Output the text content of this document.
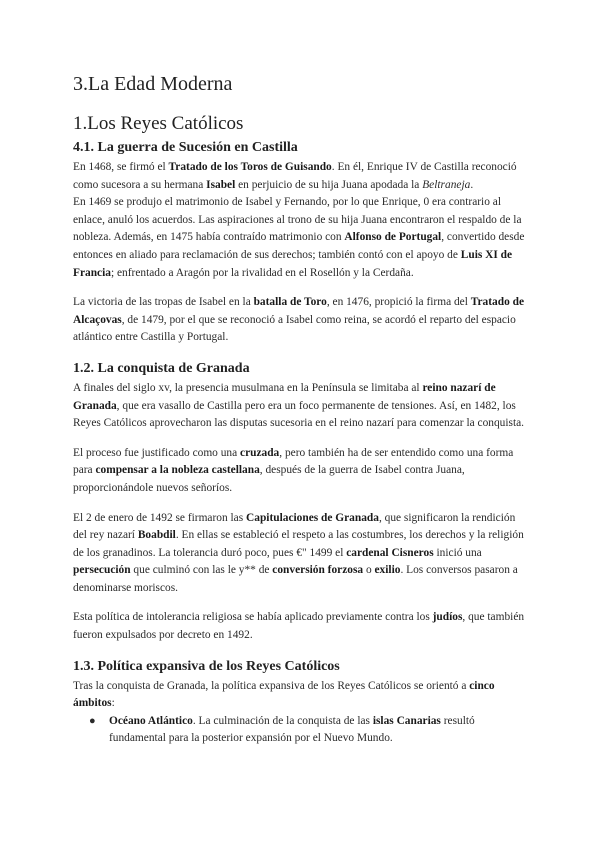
3.La Edad Moderna
1.Los Reyes Católicos
4.1. La guerra de Sucesión en Castilla

En 1468, se firmó el Tratado de los Toros de Guisando. En él, Enrique IV de Castilla reconoció como sucesora a su hermana Isabel en perjuicio de su hija Juana apodada la Beltraneja.

En 1469 se produjo el matrimonio de Isabel y Fernando, por lo que Enrique, 0 era contrario al enlace, anuló los acuerdos. Las aspiraciones al trono de su hija Juana encontraron el respaldo de la nobleza. Además, en 1475 había contraído matrimonio con Alfonso de Portugal, convertido desde entonces en aliado para reclamación de sus derechos; también contó con el apoyo de Luis XI de Francia; enfrentado a Aragón por la rivalidad en el Rosellón y la Cerdaña.

La victoria de las tropas de Isabel en la batalla de Toro, en 1476, propició la firma del Tratado de Alcaçovas, de 1479, por el que se reconoció a Isabel como reina, se acordó el reparto del espacio atlántico entre Castilla y Portugal.

1.2. La conquista de Granada

A finales del siglo xv, la presencia musulmana en la Península se limitaba al reino nazarí de Granada, que era vasallo de Castilla pero era un foco permanente de tensiones. Así, en 1482, los Reyes Católicos aprovecharon las disputas sucesoria en el reino nazarí para comenzar la conquista.

El proceso fue justificado como una cruzada, pero también ha de ser entendido como una forma para compensar a la nobleza castellana, después de la guerra de Isabel contra Juana, proporcionándole nuevos señoríos.

El 2 de enero de 1492 se firmaron las Capitulaciones de Granada, que significaron la rendición del rey nazarí Boabdil. En ellas se estableció el respeto a las costumbres, los derechos y la religión de los granadinos. La tolerancia duró poco, pues €" 1499 el cardenal Cisneros inició una persecución que culminó con las le y** de conversión forzosa o exilio. Los conversos pasaron a denominarse moriscos.

Esta política de intolerancia religiosa se había aplicado previamente contra los judíos, que también fueron expulsados por decreto en 1492.

1.3. Política expansiva de los Reyes Católicos

Tras la conquista de Granada, la política expansiva de los Reyes Católicos se orientó a cinco ámbitos:

● Océano Atlántico. La culminación de la conquista de las islas Canarias resultó fundamental para la posterior expansión por el Nuevo Mundo.
